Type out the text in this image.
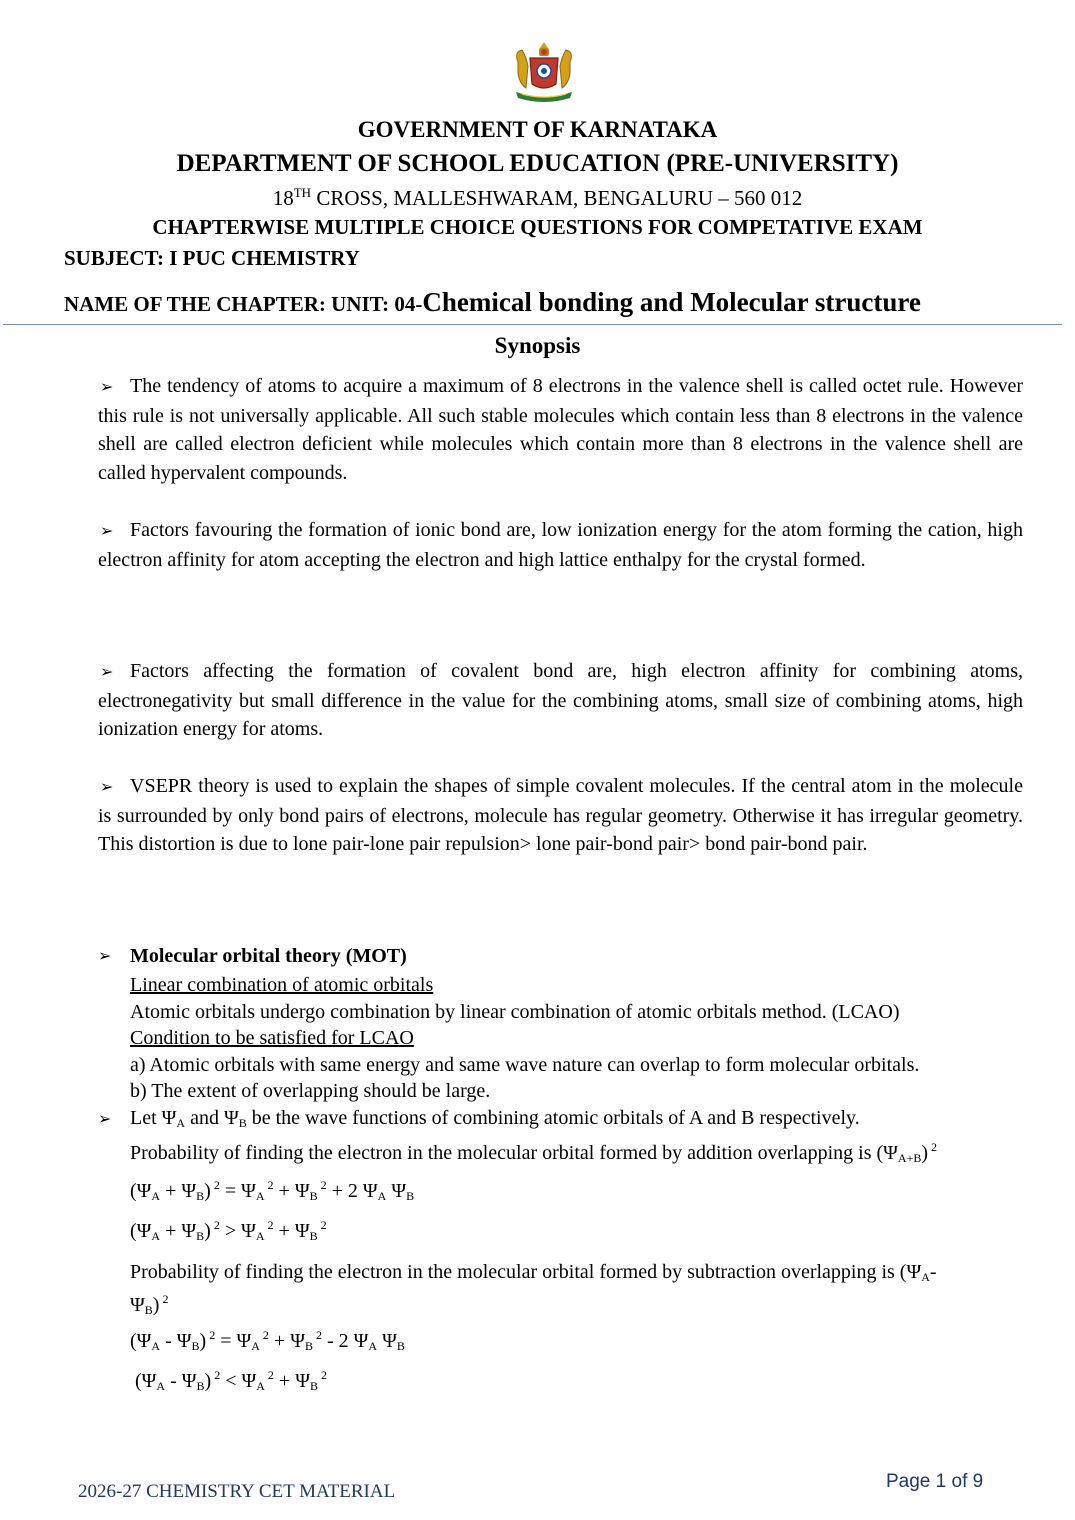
GOVERNMENT OF KARNATAKA
DEPARTMENT OF SCHOOL EDUCATION (PRE-UNIVERSITY)
18TH CROSS, MALLESHWARAM, BENGALURU – 560 012
CHAPTERWISE MULTIPLE CHOICE QUESTIONS FOR COMPETATIVE EXAM
SUBJECT: I PUC CHEMISTRY
NAME OF THE CHAPTER: UNIT: 04-Chemical bonding and Molecular structure
Synopsis
➢ The tendency of atoms to acquire a maximum of 8 electrons in the valence shell is called octet rule. However this rule is not universally applicable. All such stable molecules which contain less than 8 electrons in the valence shell are called electron deficient while molecules which contain more than 8 electrons in the valence shell are called hypervalent compounds.
➢ Factors favouring the formation of ionic bond are, low ionization energy for the atom forming the cation, high electron affinity for atom accepting the electron and high lattice enthalpy for the crystal formed.
➢ Factors affecting the formation of covalent bond are, high electron affinity for combining atoms, electronegativity but small difference in the value for the combining atoms, small size of combining atoms, high ionization energy for atoms.
➢ VSEPR theory is used to explain the shapes of simple covalent molecules. If the central atom in the molecule is surrounded by only bond pairs of electrons, molecule has regular geometry. Otherwise it has irregular geometry. This distortion is due to lone pair-lone pair repulsion> lone pair-bond pair> bond pair-bond pair.
➢ Molecular orbital theory (MOT)
Linear combination of atomic orbitals
Atomic orbitals undergo combination by linear combination of atomic orbitals method. (LCAO)
Condition to be satisfied for LCAO
a) Atomic orbitals with same energy and same wave nature can overlap to form molecular orbitals.
b) The extent of overlapping should be large.
➢ Let $\Psi_A$ and $\Psi_B$ be the wave functions of combining atomic orbitals of A and B respectively.
Probability of finding the electron in the molecular orbital formed by addition overlapping is $(\Psi_{A+B})$ $^2$
$(\Psi_A + \Psi_B) ^2 = \Psi_A$ $^2 + \Psi_B$ $^2$ + 2 $\Psi_A$ $\Psi_B$
$(\Psi_A + \Psi_B) ^2 > \Psi_A$ $^2 + \Psi_B$ $^2$
Probability of finding the electron in the molecular orbital formed by subtraction overlapping is ($\Psi_A-$
$\Psi_B$) $^2$
$(\Psi_A - \Psi_B) ^2 = \Psi_A$ $^2 + \Psi_B$ $^2$ - 2 $\Psi_A$ $\Psi_B$
$(\Psi_A - \Psi_B) ^2 < \Psi_A$ $^2 + \Psi_B$ $^2$
2026-27 CHEMISTRY CET MATERIAL	Page 1 of 9
